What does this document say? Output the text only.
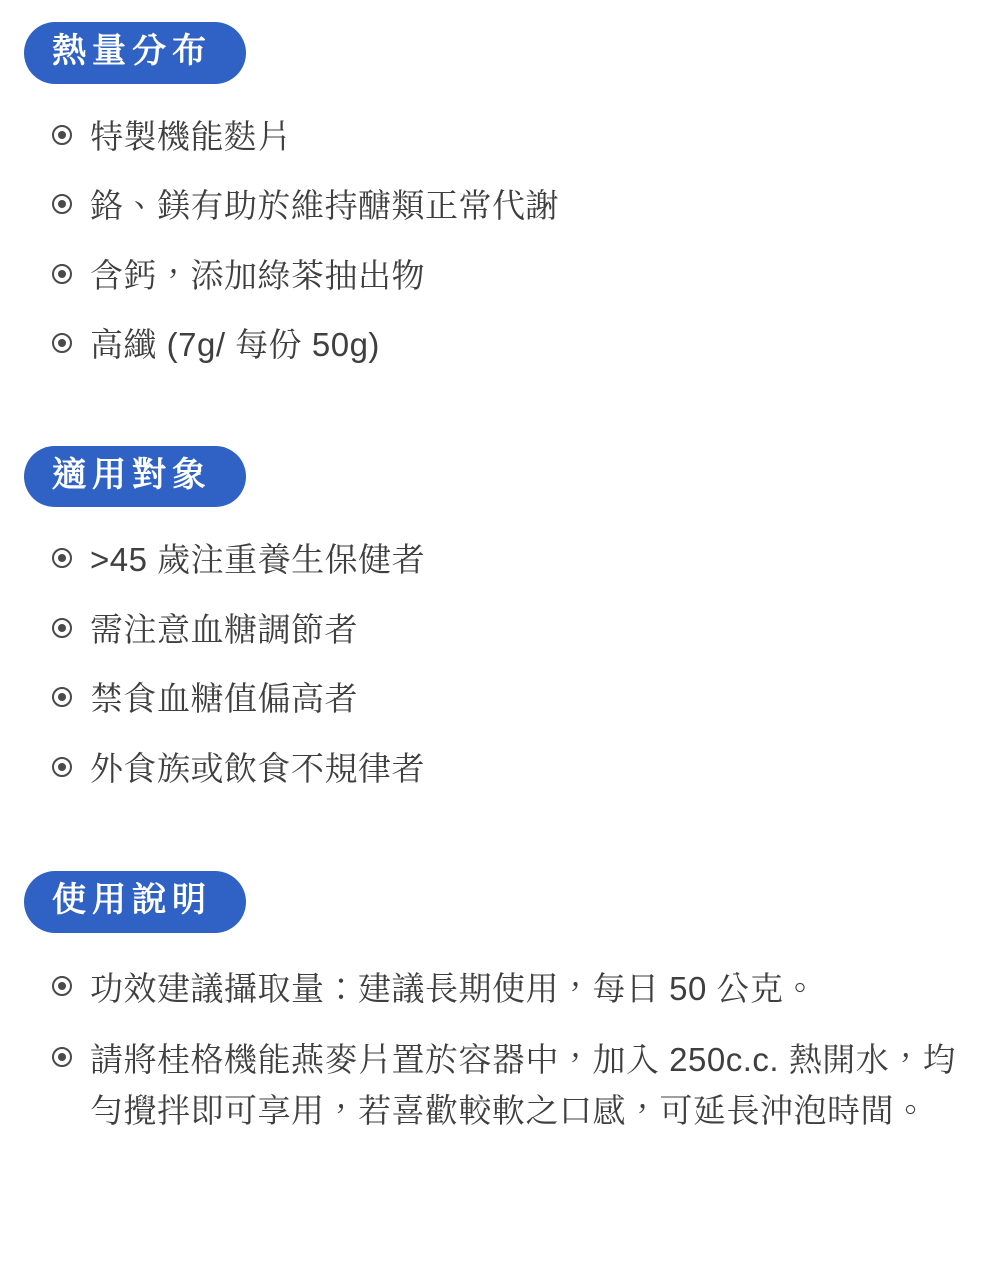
熱量分布
特製機能麩片
鉻、鎂有助於維持醣類正常代謝
含鈣，添加綠茶抽出物
高纖 (7g/ 每份 50g)
適用對象
>45 歲注重養生保健者
需注意血糖調節者
禁食血糖值偏高者
外食族或飲食不規律者
使用說明
功效建議攝取量：建議長期使用，每日 50 公克。
請將桂格機能燕麥片置於容器中，加入 250c.c. 熱開水，均勻攪拌即可享用，若喜歡較軟之口感，可延長沖泡時間。
